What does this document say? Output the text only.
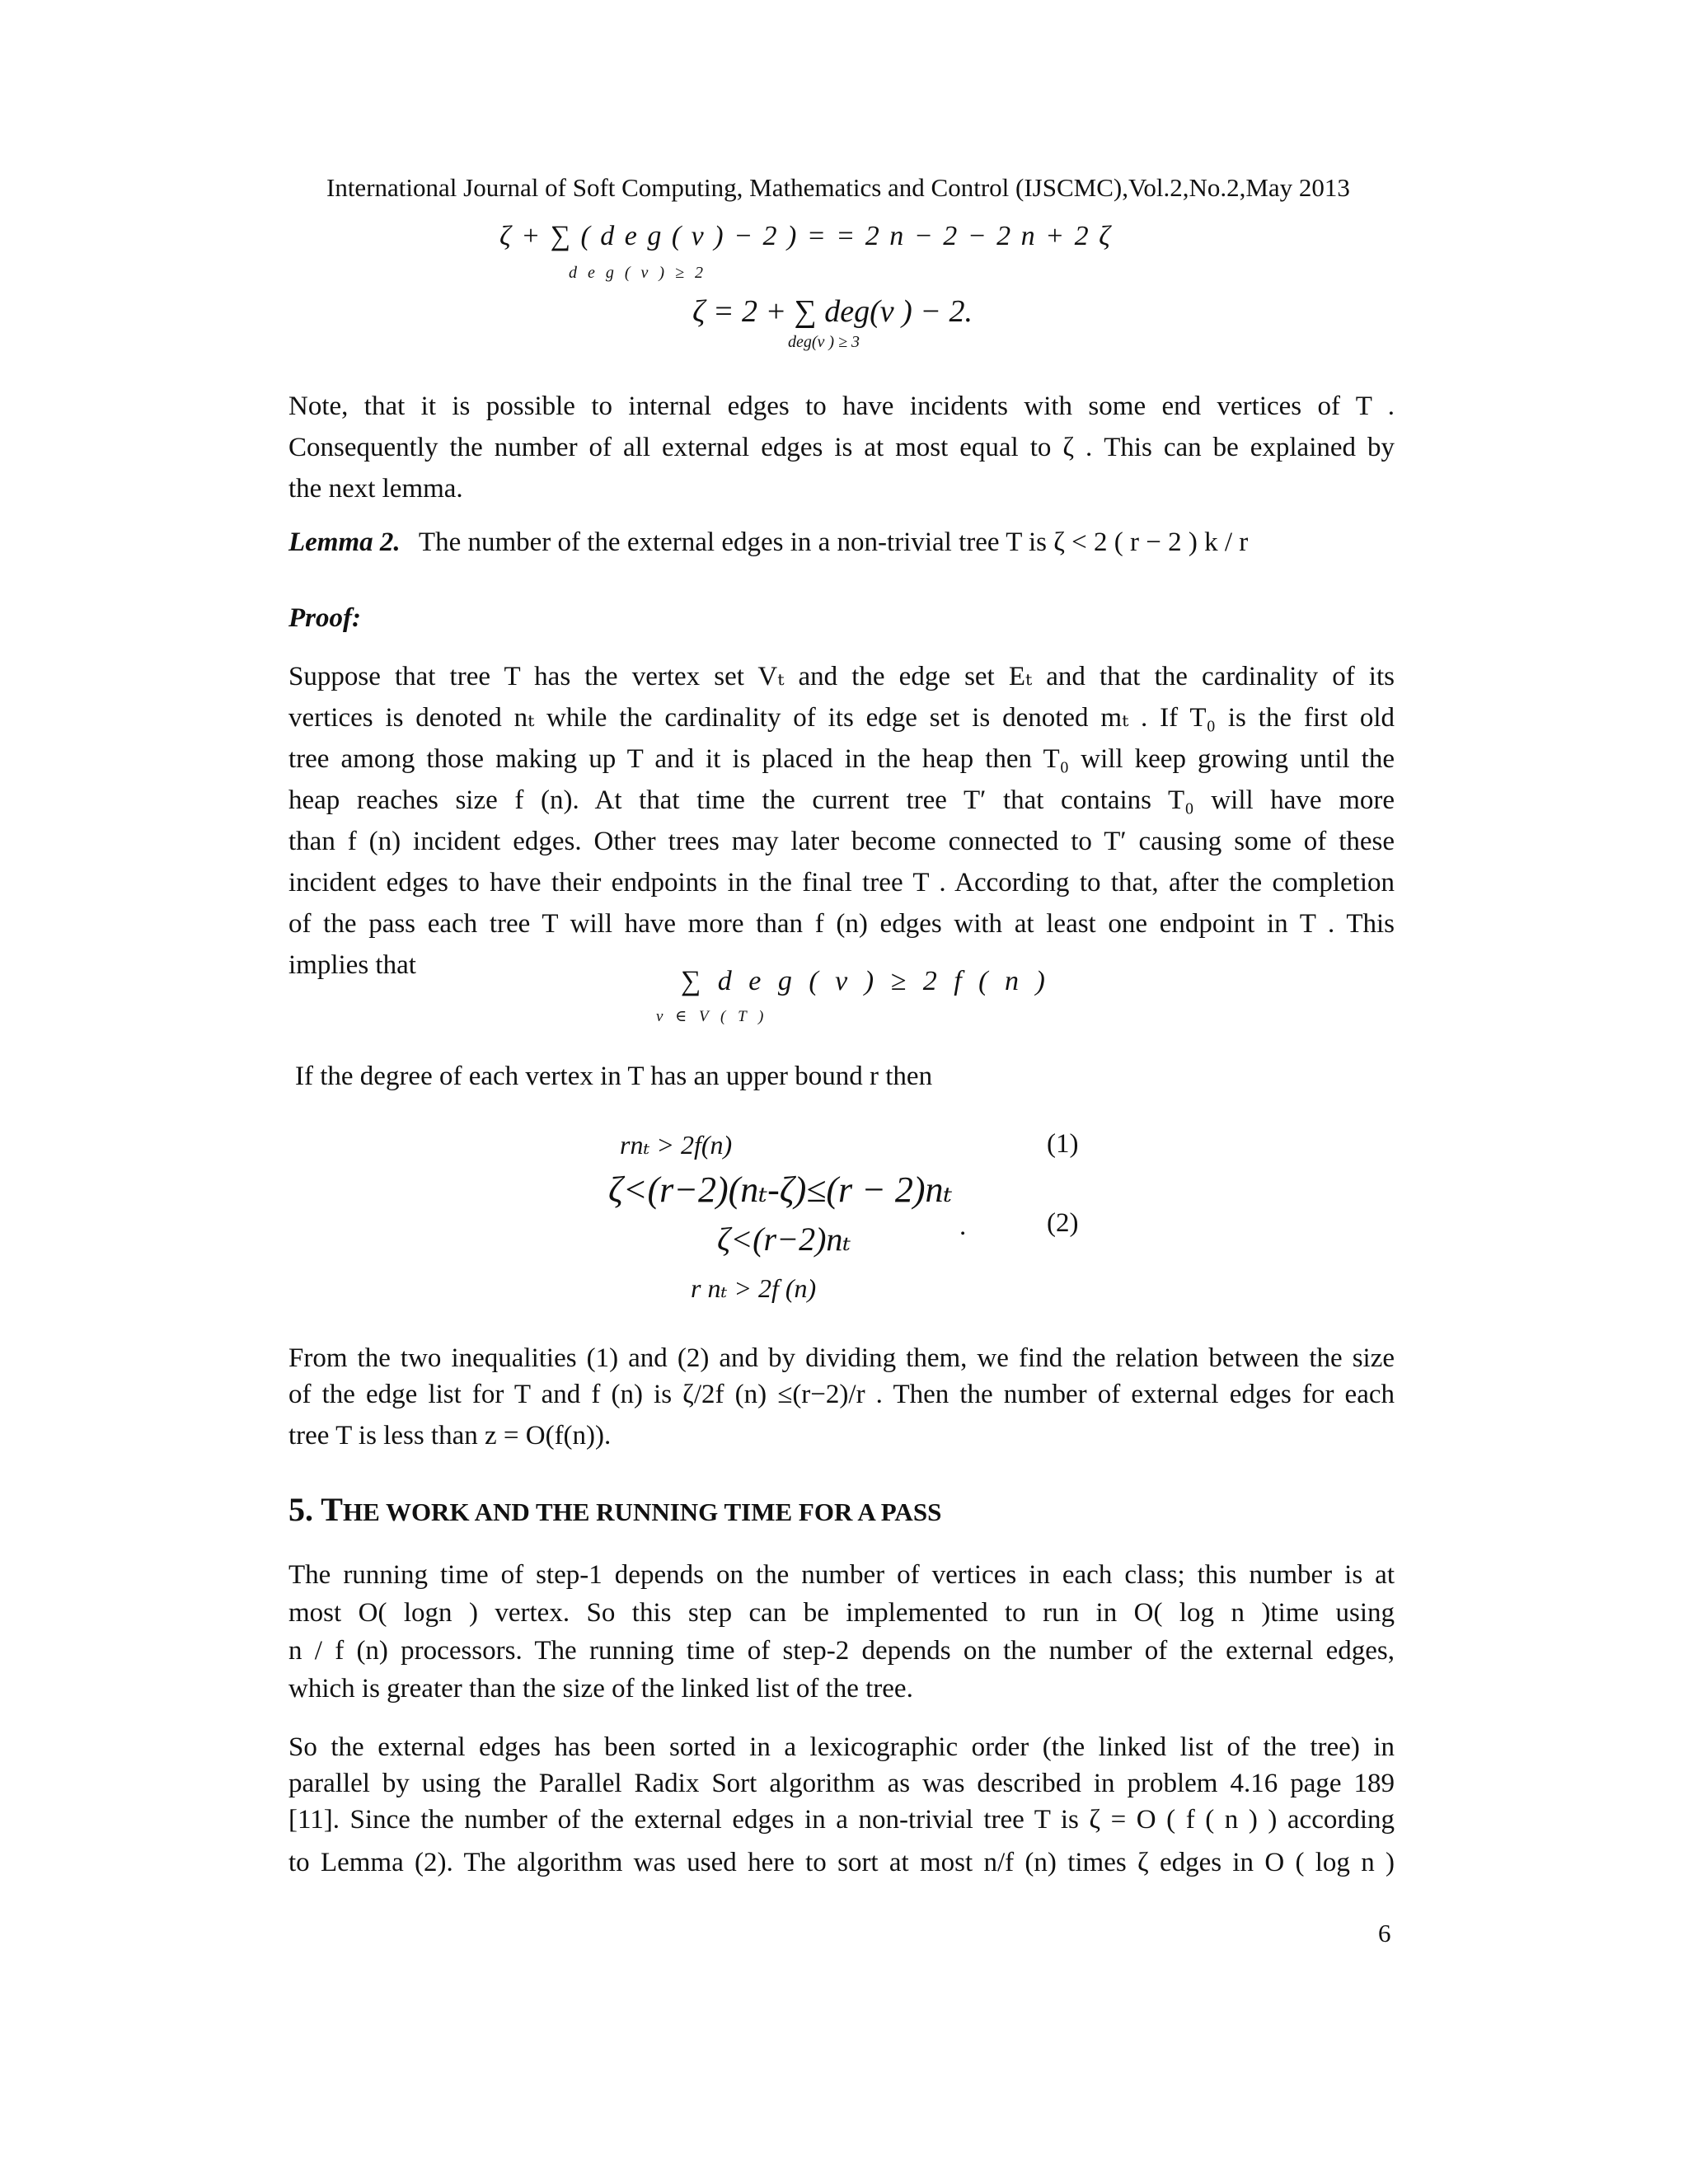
International Journal of Soft Computing, Mathematics and Control (IJSCMC),Vol.2,No.2,May 2013
ζ + ∑ ( d e g ( v ) − 2 ) = = 2 n − 2 − 2 n + 2 ζ
d e g ( v ) ≥ 2
ζ = 2 + ∑ deg(v ) − 2.
deg(v ) ≥ 3
Note, that it is possible to internal edges to have incidents with some end vertices of T .
Consequently the number of all external edges is at most equal to ζ . This can be explained by
the next lemma.
Lemma 2. The number of the external edges in a non-trivial tree T is ζ < 2 ( r − 2 ) k / r
Proof:
Suppose that tree T has the vertex set Vₜ and the edge set Eₜ and that the cardinality of its
vertices is denoted nₜ while the cardinality of its edge set is denoted mₜ . If T₀ is the first old
tree among those making up T and it is placed in the heap then T₀ will keep growing until the
heap reaches size f (n). At that time the current tree T′ that contains T₀ will have more
than f (n) incident edges. Other trees may later become connected to T′ causing some of these
incident edges to have their endpoints in the final tree T . According to that, after the completion
of the pass each tree T will have more than f (n) edges with at least one endpoint in T . This
implies that
∑ d e g ( v ) ≥ 2 f ( n )
v ∈ V ( T )
If the degree of each vertex in T has an upper bound r then
rnₜ > 2f(n)	(1)
ζ<(r−2)(nₜ-ζ)≤(r − 2)nₜ
ζ<(r−2)nₜ	.	(2)
r nₜ > 2f (n)
From the two inequalities (1) and (2) and by dividing them, we find the relation between the size
of the edge list for T and f (n) is ζ/2f (n) ≤(r−2)/r . Then the number of external edges for each
tree T is less than z = O(f(n)).
5. THE WORK AND THE RUNNING TIME FOR A PASS
The running time of step-1 depends on the number of vertices in each class; this number is at
most O( logn ) vertex. So this step can be implemented to run in O( log n )time using
n / f (n) processors. The running time of step-2 depends on the number of the external edges,
which is greater than the size of the linked list of the tree.
So the external edges has been sorted in a lexicographic order (the linked list of the tree) in
parallel by using the Parallel Radix Sort algorithm as was described in problem 4.16 page 189
[11]. Since the number of the external edges in a non-trivial tree T is ζ = O ( f ( n ) ) according
to Lemma (2). The algorithm was used here to sort at most n/f (n) times ζ edges in O ( log n )
6
